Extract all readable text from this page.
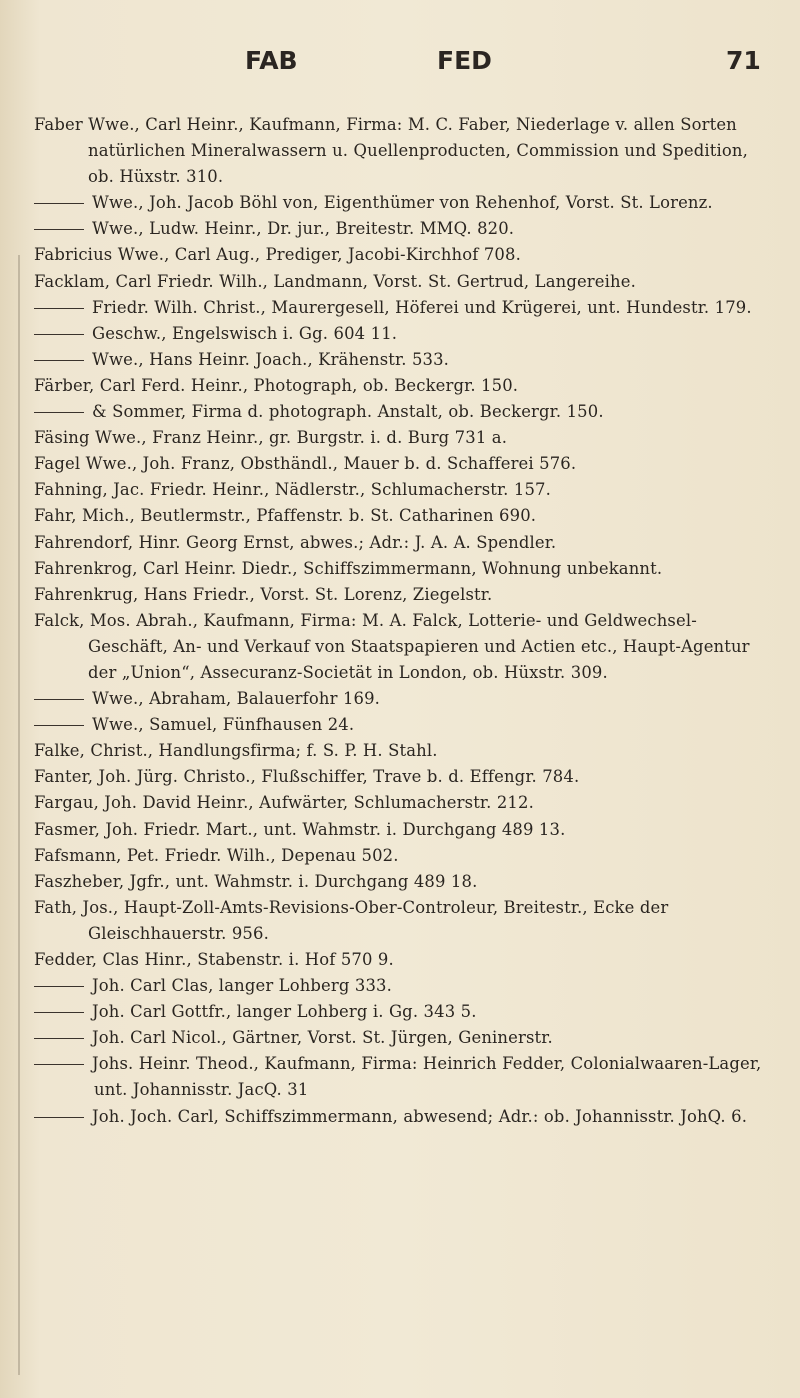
FAB	FED	71

Faber Wwe., Carl Heinr., Kaufmann, Firma: M. C. Faber, Niederlage v. allen Sorten natürlichen Mineralwassern u. Quellenproducten, Commission und Spedition, ob. Hüxstr. 310.

Wwe., Joh. Jacob Böhl von, Eigenthümer von Rehenhof, Vorst. St. Lorenz.

Wwe., Ludw. Heinr., Dr. jur., Breitestr. MMQ. 820.

Fabricius Wwe., Carl Aug., Prediger, Jacobi-Kirchhof 708.

Facklam, Carl Friedr. Wilh., Landmann, Vorst. St. Gertrud, Langereihe.

Friedr. Wilh. Christ., Maurergesell, Höferei und Krügerei, unt. Hundestr. 179.

Geschw., Engelswisch i. Gg. 604 11.

Wwe., Hans Heinr. Joach., Krähenstr. 533.

Färber, Carl Ferd. Heinr., Photograph, ob. Beckergr. 150.

& Sommer, Firma d. photograph. Anstalt, ob. Beckergr. 150.

Fäsing Wwe., Franz Heinr., gr. Burgstr. i. d. Burg 731 a.

Fagel Wwe., Joh. Franz, Obsthändl., Mauer b. d. Schafferei 576.

Fahning, Jac. Friedr. Heinr., Nädlerstr., Schlumacherstr. 157.

Fahr, Mich., Beutlermstr., Pfaffenstr. b. St. Catharinen 690.

Fahrendorf, Hinr. Georg Ernst, abwes.; Adr.: J. A. A. Spendler.

Fahrenkrog, Carl Heinr. Diedr., Schiffszimmermann, Wohnung unbekannt.

Fahrenkrug, Hans Friedr., Vorst. St. Lorenz, Ziegelstr.

Falck, Mos. Abrah., Kaufmann, Firma: M. A. Falck, Lotterie- und Geldwechsel-Geschäft, An- und Verkauf von Staatspapieren und Actien etc., Haupt-Agentur der „Union“, Assecuranz-Societät in London, ob. Hüxstr. 309.

Wwe., Abraham, Balauerfohr 169.

Wwe., Samuel, Fünfhausen 24.

Falke, Christ., Handlungsfirma; f. S. P. H. Stahl.

Fanter, Joh. Jürg. Christo., Flußschiffer, Trave b. d. Effengr. 784.

Fargau, Joh. David Heinr., Aufwärter, Schlumacherstr. 212.

Fasmer, Joh. Friedr. Mart., unt. Wahmstr. i. Durchgang 489 13.

Fafsmann, Pet. Friedr. Wilh., Depenau 502.

Faszheber, Jgfr., unt. Wahmstr. i. Durchgang 489 18.

Fath, Jos., Haupt-Zoll-Amts-Revisions-Ober-Controleur, Breitestr., Ecke der Gleischhauerstr. 956.

Fedder, Clas Hinr., Stabenstr. i. Hof 570 9.

Joh. Carl Clas, langer Lohberg 333.

Joh. Carl Gottfr., langer Lohberg i. Gg. 343 5.

Joh. Carl Nicol., Gärtner, Vorst. St. Jürgen, Geninerstr.

Johs. Heinr. Theod., Kaufmann, Firma: Heinrich Fedder, Colonialwaaren-Lager, unt. Johannisstr. JacQ. 31

Joh. Joch. Carl, Schiffszimmermann, abwesend; Adr.: ob. Johannisstr. JohQ. 6.
